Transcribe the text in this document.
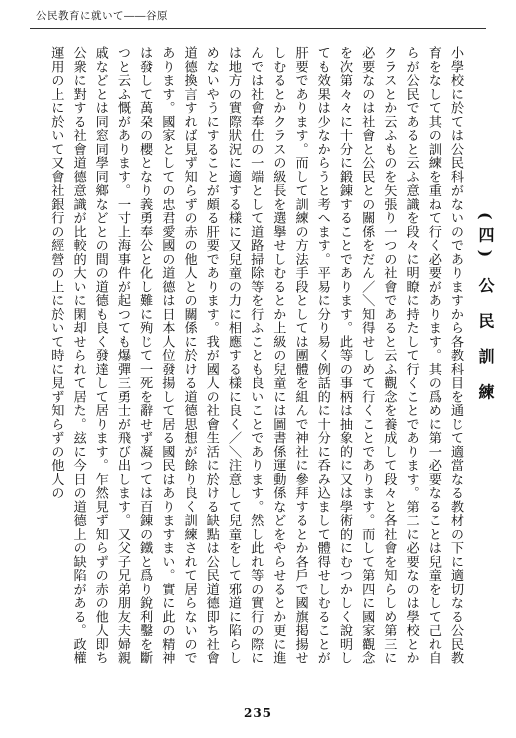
公民教育に就いて――谷原
(四) 公 民 訓 練

小學校に於ては公民科がないのでありますから各教科目を通じて適當なる教材の下に適切なる公民教育をなして其の訓練を重ねて行く必要があります。其の爲めに第一必要なることは兒童をして己れ自らが公民であると云ふ意識を段々に明瞭に持たして行くことであります。第二に必要なのは學校とかクラスとか云ふものを矢張り一つの社會であると云ふ觀念を養成して段々と各社會を知らしめ第三に必要なのは社會と公民との關係をだん／＼知得せしめて行くことであります。而して第四に國家觀念を次第々々に十分に鍛錬することであります。此等の事柄は抽象的に又は學術的にむつかしく說明しても效果は少なからうと考へます。平易に分り易く例話的に十分に呑み込まして體得せしむることが肝要であります。而して訓練の方法手段としては團體を組んで神社に參拜するとか各戶で國旗掲揚せしむるとかクラスの級長を選擧せしむるとか上級の兒童には圖書係運動係などをやらせるとか更に進んでは社會奉仕の一端として道路掃除等を行ふことも良いことであります。然し此れ等の實行の際には地方の實際狀況に適する樣に又兒童の力に相應する樣に良く／＼注意して兒童をして邪道に陷らしめないやうにすることが頗る肝要であります。我が國人の社會生活に於ける缺點は公民道德即ち社會道德換言すれば見ず知らずの赤の他人との關係に於ける道德思想が餘り良く訓練されて居らないのであります。國家としての忠君愛國の道德は日本人位發揚して居る國民はありますまい。實に此の精神は發して萬朶の櫻となり義勇奉公と化し難に殉じて一死を辭せず凝つては百錬の鐵と爲り銳利鑿を斷つと云ふ慨があります。一寸上海事件が起つても爆彈三勇士が飛び出します。又父子兄弟朋友夫婦親戚などとは同窓同學同鄉などとの間の道德も良く發達して居ります。乍然見ず知らずの赤の他人即ち公衆に對する社會道德意識が比較的大いに閑却せられて居た。玆に今日の道德上の缺陷がある。政權運用の上に於いて又會社銀行の經營の上に於いて時に見ず知らずの他人の

235
